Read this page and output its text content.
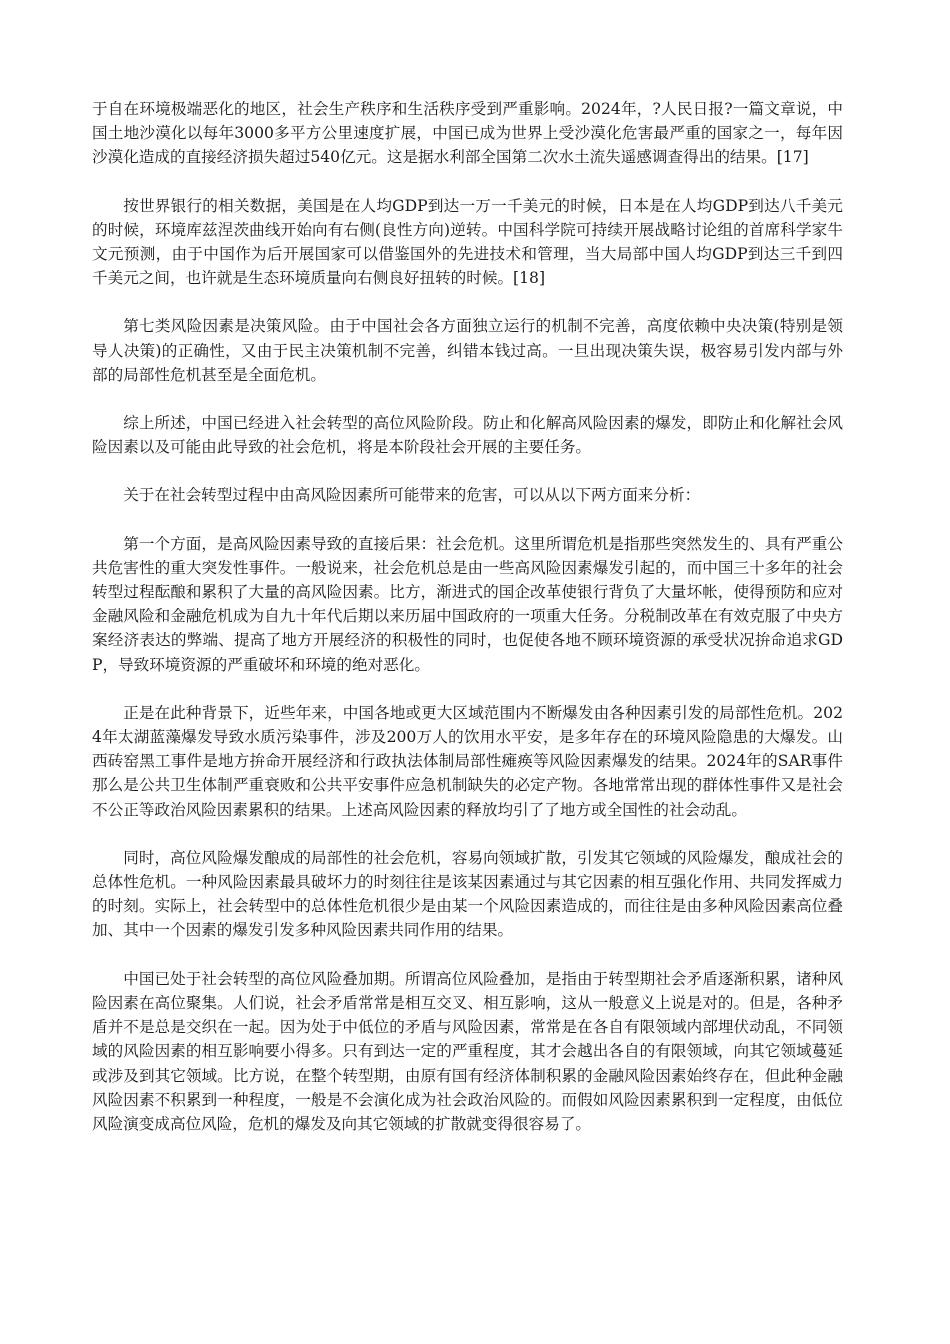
于自在环境极端恶化的地区，社会生产秩序和生活秩序受到严重影响。2024年，?人民日报?一篇文章说，中国土地沙漠化以每年3000多平方公里速度扩展，中国已成为世界上受沙漠化危害最严重的国家之一，每年因沙漠化造成的直接经济损失超过540亿元。这是据水利部全国第二次水土流失遥感调查得出的结果。[17]

按世界银行的相关数据，美国是在人均GDP到达一万一千美元的时候，日本是在人均GDP到达八千美元的时候，环境库兹涅茨曲线开始向有右侧(良性方向)逆转。中国科学院可持续开展战略讨论组的首席科学家牛文元预测，由于中国作为后开展国家可以借鉴国外的先进技术和管理，当大局部中国人均GDP到达三千到四千美元之间，也许就是生态环境质量向右侧良好扭转的时候。[18]

第七类风险因素是决策风险。由于中国社会各方面独立运行的机制不完善，高度依赖中央决策(特别是领导人决策)的正确性，又由于民主决策机制不完善，纠错本钱过高。一旦出现决策失误，极容易引发内部与外部的局部性危机甚至是全面危机。

综上所述，中国已经进入社会转型的高位风险阶段。防止和化解高风险因素的爆发，即防止和化解社会风险因素以及可能由此导致的社会危机，将是本阶段社会开展的主要任务。

关于在社会转型过程中由高风险因素所可能带来的危害，可以从以下两方面来分析：

第一个方面，是高风险因素导致的直接后果：社会危机。这里所谓危机是指那些突然发生的、具有严重公共危害性的重大突发性事件。一般说来，社会危机总是由一些高风险因素爆发引起的，而中国三十多年的社会转型过程酝酿和累积了大量的高风险因素。比方，渐进式的国企改革使银行背负了大量坏帐，使得预防和应对金融风险和金融危机成为自九十年代后期以来历届中国政府的一项重大任务。分税制改革在有效克服了中央方案经济表达的弊端、提高了地方开展经济的积极性的同时，也促使各地不顾环境资源的承受状况拚命追求GDP，导致环境资源的严重破坏和环境的绝对恶化。

正是在此种背景下，近些年来，中国各地或更大区域范围内不断爆发由各种因素引发的局部性危机。2024年太湖蓝藻爆发导致水质污染事件，涉及200万人的饮用水平安，是多年存在的环境风险隐患的大爆发。山西砖窑黑工事件是地方拚命开展经济和行政执法体制局部性瘫痪等风险因素爆发的结果。2024年的SAR事件那么是公共卫生体制严重衰败和公共平安事件应急机制缺失的必定产物。各地常常出现的群体性事件又是社会不公正等政治风险因素累积的结果。上述高风险因素的释放均引了了地方或全国性的社会动乱。

同时，高位风险爆发酿成的局部性的社会危机，容易向领域扩散，引发其它领域的风险爆发，酿成社会的总体性危机。一种风险因素最具破坏力的时刻往往是该某因素通过与其它因素的相互强化作用、共同发挥威力的时刻。实际上，社会转型中的总体性危机很少是由某一个风险因素造成的，而往往是由多种风险因素高位叠加、其中一个因素的爆发引发多种风险因素共同作用的结果。

中国已处于社会转型的高位风险叠加期。所谓高位风险叠加，是指由于转型期社会矛盾逐渐积累，诸种风险因素在高位聚集。人们说，社会矛盾常常是相互交叉、相互影响，这从一般意义上说是对的。但是，各种矛盾并不是总是交织在一起。因为处于中低位的矛盾与风险因素，常常是在各自有限领域内部埋伏动乱，不同领域的风险因素的相互影响要小得多。只有到达一定的严重程度，其才会越出各自的有限领域，向其它领域蔓延或涉及到其它领域。比方说，在整个转型期，由原有国有经济体制积累的金融风险因素始终存在，但此种金融风险因素不积累到一种程度，一般是不会演化成为社会政治风险的。而假如风险因素累积到一定程度，由低位风险演变成高位风险，危机的爆发及向其它领域的扩散就变得很容易了。
